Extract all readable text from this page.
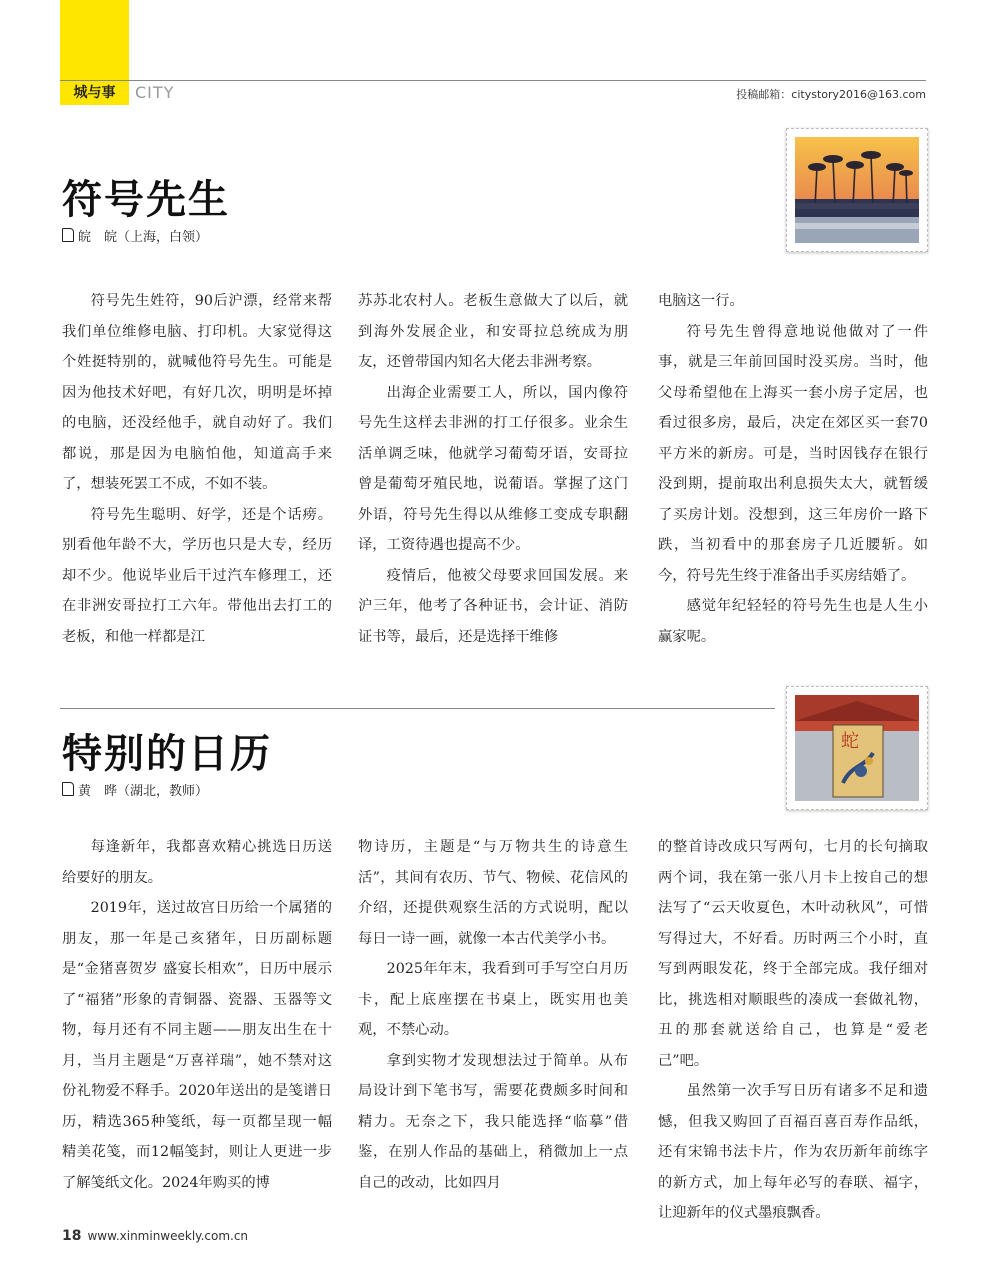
城与事	CITY	投稿邮箱：citystory2016@163.com
符号先生
皖　皖（上海，白领）

符号先生姓符，90后沪漂，经常来帮我们单位维修电脑、打印机。大家觉得这个姓挺特别的，就喊他符号先生。可能是因为他技术好吧，有好几次，明明是坏掉的电脑，还没经他手，就自动好了。我们都说，那是因为电脑怕他，知道高手来了，想装死罢工不成，不如不装。

符号先生聪明、好学，还是个话痨。别看他年龄不大，学历也只是大专，经历却不少。他说毕业后干过汽车修理工，还在非洲安哥拉打工六年。带他出去打工的老板，和他一样都是江

苏苏北农村人。老板生意做大了以后，就到海外发展企业，和安哥拉总统成为朋友，还曾带国内知名大佬去非洲考察。

出海企业需要工人，所以，国内像符号先生这样去非洲的打工仔很多。业余生活单调乏味，他就学习葡萄牙语，安哥拉曾是葡萄牙殖民地，说葡语。掌握了这门外语，符号先生得以从维修工变成专职翻译，工资待遇也提高不少。

疫情后，他被父母要求回国发展。来沪三年，他考了各种证书，会计证、消防证书等，最后，还是选择干维修

电脑这一行。

符号先生曾得意地说他做对了一件事，就是三年前回国时没买房。当时，他父母希望他在上海买一套小房子定居，也看过很多房，最后，决定在郊区买一套70平方米的新房。可是，当时因钱存在银行没到期，提前取出利息损失太大，就暂缓了买房计划。没想到，这三年房价一路下跌，当初看中的那套房子几近腰斩。如今，符号先生终于准备出手买房结婚了。

感觉年纪轻轻的符号先生也是人生小赢家呢。

蛇
特别的日历
黄　晔（湖北，教师）

每逢新年，我都喜欢精心挑选日历送给要好的朋友。

2019年，送过故宫日历给一个属猪的朋友，那一年是己亥猪年，日历副标题是“金猪喜贺岁 盛宴长相欢”，日历中展示了“福猪”形象的青铜器、瓷器、玉器等文物，每月还有不同主题——朋友出生在十月，当月主题是“万喜祥瑞”，她不禁对这份礼物爱不释手。2020年送出的是笺谱日历，精选365种笺纸，每一页都呈现一幅精美花笺，而12幅笺封，则让人更进一步了解笺纸文化。2024年购买的博

物诗历，主题是“与万物共生的诗意生活”，其间有农历、节气、物候、花信风的介绍，还提供观察生活的方式说明，配以每日一诗一画，就像一本古代美学小书。

2025年年末，我看到可手写空白月历卡，配上底座摆在书桌上，既实用也美观，不禁心动。

拿到实物才发现想法过于简单。从布局设计到下笔书写，需要花费颇多时间和精力。无奈之下，我只能选择“临摹”借鉴，在别人作品的基础上，稍微加上一点自己的改动，比如四月

的整首诗改成只写两句，七月的长句摘取两个词，我在第一张八月卡上按自己的想法写了“云天收夏色，木叶动秋风”，可惜写得过大，不好看。历时两三个小时，直写到两眼发花，终于全部完成。我仔细对比，挑选相对顺眼些的凑成一套做礼物，丑的那套就送给自己，也算是“爱老己”吧。

虽然第一次手写日历有诸多不足和遗憾，但我又购回了百福百喜百寿作品纸，还有宋锦书法卡片，作为农历新年前练字的新方式，加上每年必写的春联、福字，让迎新年的仪式墨痕飘香。

18 www.xinminweekly.com.cn
